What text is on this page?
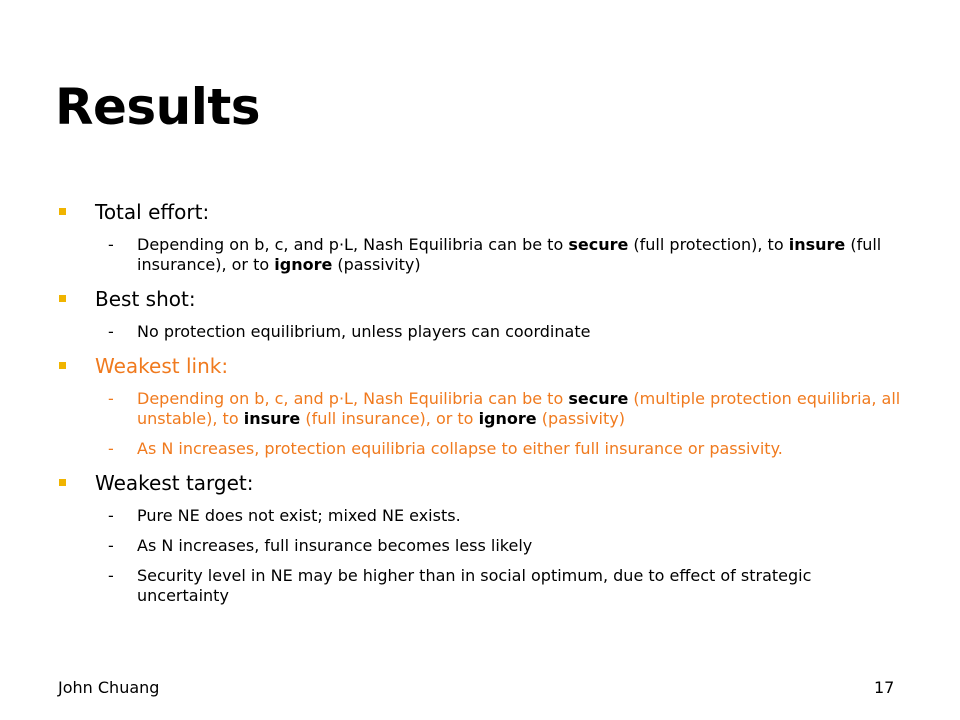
Results
Total effort:
- Depending on b, c, and p·L, Nash Equilibria can be to secure (full protection), to insure (full insurance), or to ignore (passivity)
Best shot:
- No protection equilibrium, unless players can coordinate
Weakest link:
- Depending on b, c, and p·L, Nash Equilibria can be to secure (multiple protection equilibria, all unstable), to insure (full insurance), or to ignore (passivity)
- As N increases, protection equilibria collapse to either full insurance or passivity.
Weakest target:
- Pure NE does not exist; mixed NE exists.
- As N increases, full insurance becomes less likely
- Security level in NE may be higher than in social optimum, due to effect of strategic uncertainty
John Chuang	17
